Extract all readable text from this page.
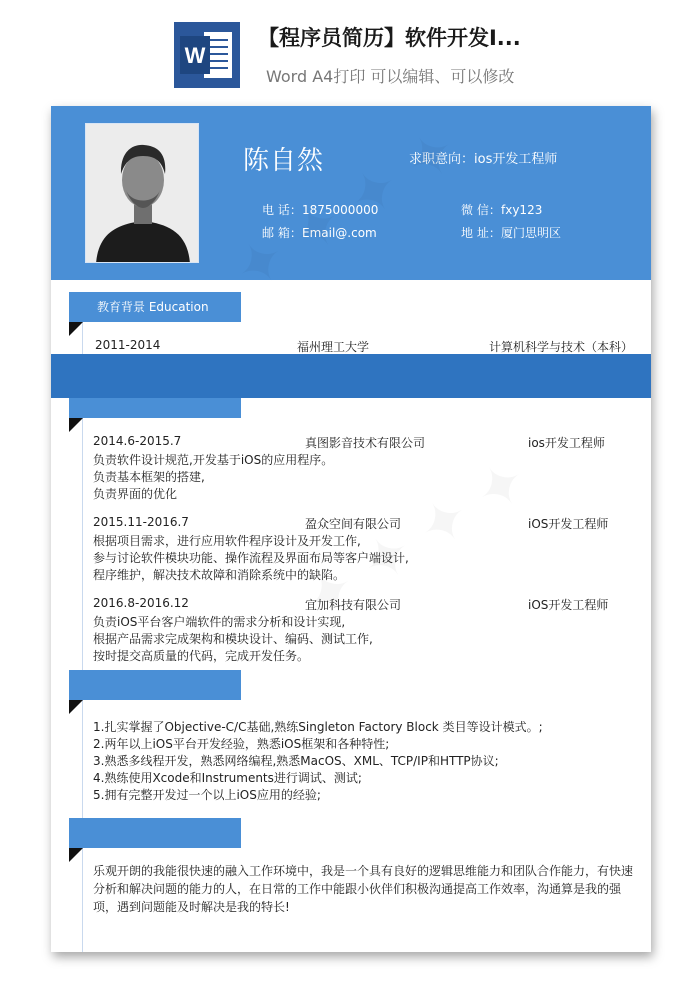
W
【程序员简历】软件开发I...
Word A4打印 可以编辑、可以修改
陈自然	求职意向：ios开发工程师
电 话：1875000000	微 信：fxy123
邮 箱：Email@.com	地 址：厦门思明区
教育背景 Education
2011-2014	福州理工大学	计算机科学与技术（本科）
2014.6-2015.7	真图影音技术有限公司	ios开发工程师
负责软件设计规范,开发基于iOS的应用程序。
负责基本框架的搭建,
负责界面的优化
2015.11-2016.7	盈众空间有限公司	iOS开发工程师
根据项目需求，进行应用软件程序设计及开发工作,
参与讨论软件模块功能、操作流程及界面布局等客户端设计,
程序维护，解决技术故障和消除系统中的缺陷。
2016.8-2016.12	宜加科技有限公司	iOS开发工程师
负责iOS平台客户端软件的需求分析和设计实现,
根据产品需求完成架构和模块设计、编码、测试工作,
按时提交高质量的代码，完成开发任务。
1.扎实掌握了Objective-C/C基础,熟练Singleton Factory Block 类目等设计模式。;
2.两年以上iOS平台开发经验，熟悉iOS框架和各种特性;
3.熟悉多线程开发，熟悉网络编程,熟悉MacOS、XML、TCP/IP和HTTP协议;
4.熟练使用Xcode和Instruments进行调试、测试;
5.拥有完整开发过一个以上iOS应用的经验;
乐观开朗的我能很快速的融入工作环境中，我是一个具有良好的逻辑思维能力和团队合作能力，有快速分析和解决问题的能力的人，在日常的工作中能跟小伙伴们积极沟通提高工作效率，沟通算是我的强项，遇到问题能及时解决是我的特长!
